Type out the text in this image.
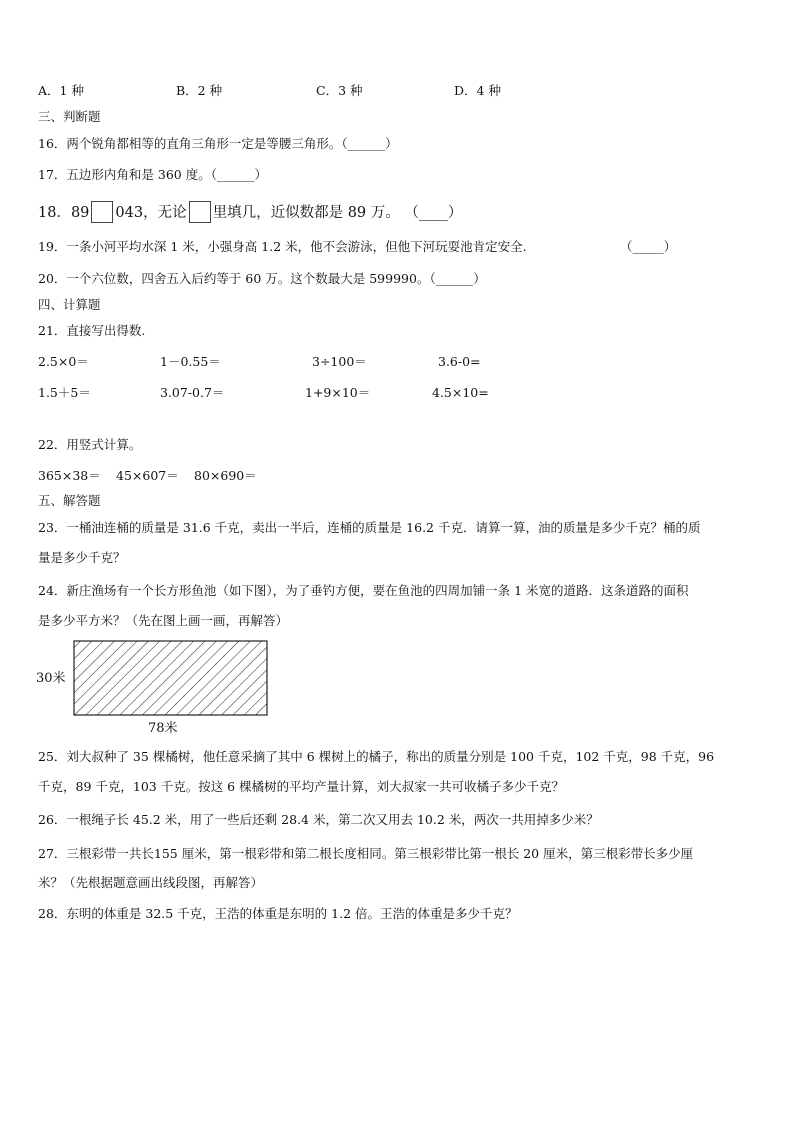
A．1 种	B．2 种	C．3 种	D．4 种
三、判断题
16．两个锐角都相等的直角三角形一定是等腰三角形。（______）
17．五边形内角和是 360 度。（______）
18．89 043，无论 里填几，近似数都是 89 万。 （____）
19．一条小河平均水深 1 米，小强身高 1.2 米，他不会游泳，但他下河玩耍池肯定安全.	（_____）
20．一个六位数，四舍五入后约等于 60 万。这个数最大是 599990。（______）
四、计算题
21．直接写出得数.
2.5×0＝	1－0.55＝	3÷100＝	3.6-0=
1.5＋5＝	3.07-0.7＝	1+9×10＝	4.5×10=
22．用竖式计算。
365×38＝ 45×607＝ 80×690＝
五、解答题
23．一桶油连桶的质量是 31.6 千克，卖出一半后，连桶的质量是 16.2 千克．请算一算，油的质量是多少千克？桶的质
量是多少千克？
24．新庄渔场有一个长方形鱼池（如下图），为了垂钓方便，要在鱼池的四周加铺一条 1 米宽的道路．这条道路的面积
是多少平方米？（先在图上画一画，再解答）
30米
78米
25．刘大叔种了 35 棵橘树，他任意采摘了其中 6 棵树上的橘子，称出的质量分别是 100 千克，102 千克，98 千克，96
千克，89 千克，103 千克。按这 6 棵橘树的平均产量计算，刘大叔家一共可收橘子多少千克？
26．一根绳子长 45.2 米，用了一些后还剩 28.4 米，第二次又用去 10.2 米，两次一共用掉多少米？
27．三根彩带一共长155 厘米，第一根彩带和第二根长度相同。第三根彩带比第一根长 20 厘米，第三根彩带长多少厘
米？（先根据题意画出线段图，再解答）
28．东明的体重是 32.5 千克，王浩的体重是东明的 1.2 倍。王浩的体重是多少千克？
